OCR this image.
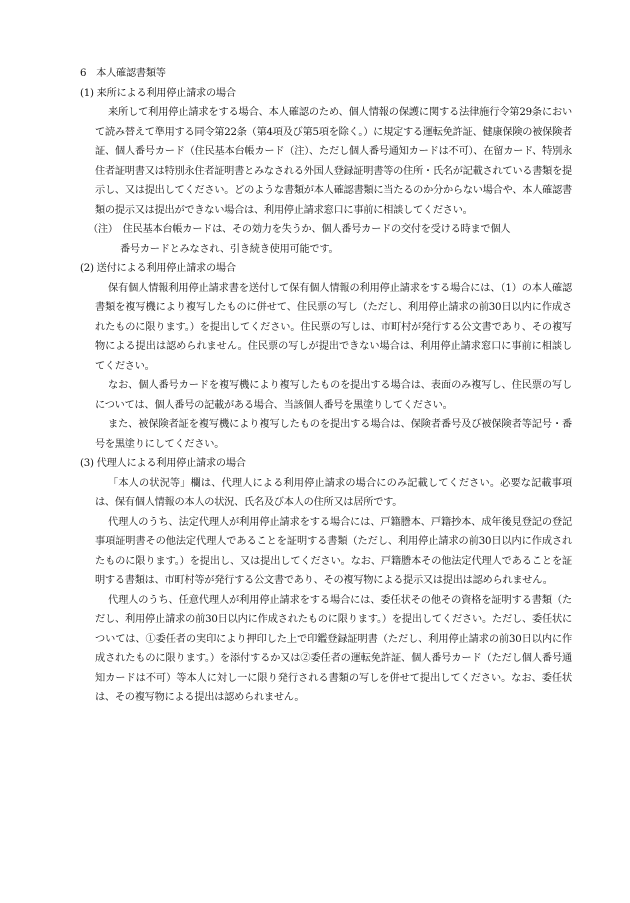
6　本人確認書類等

(1) 来所による利用停止請求の場合

来所して利用停止請求をする場合、本人確認のため、個人情報の保護に関する法律施行令第29条において読み替えて準用する同令第22条（第4項及び第5項を除く。）に規定する運転免許証、健康保険の被保険者証、個人番号カード（住民基本台帳カード（注）、ただし個人番号通知カードは不可）、在留カード、特別永住者証明書又は特別永住者証明書とみなされる外国人登録証明書等の住所・氏名が記載されている書類を提示し、又は提出してください。どのような書類が本人確認書類に当たるのか分からない場合や、本人確認書類の提示又は提出ができない場合は、利用停止請求窓口に事前に相談してください。

（注）　住民基本台帳カードは、その効力を失うか、個人番号カードの交付を受ける時まで個人

番号カードとみなされ、引き続き使用可能です。

(2) 送付による利用停止請求の場合

保有個人情報利用停止請求書を送付して保有個人情報の利用停止請求をする場合には、（1）の本人確認書類を複写機により複写したものに併せて、住民票の写し（ただし、利用停止請求の前30日以内に作成されたものに限ります。）を提出してください。住民票の写しは、市町村が発行する公文書であり、その複写物による提出は認められません。住民票の写しが提出できない場合は、利用停止請求窓口に事前に相談してください。

なお、個人番号カードを複写機により複写したものを提出する場合は、表面のみ複写し、住民票の写しについては、個人番号の記載がある場合、当該個人番号を黒塗りしてください。

また、被保険者証を複写機により複写したものを提出する場合は、保険者番号及び被保険者等記号・番号を黒塗りにしてください。

(3) 代理人による利用停止請求の場合

「本人の状況等」欄は、代理人による利用停止請求の場合にのみ記載してください。必要な記載事項は、保有個人情報の本人の状況、氏名及び本人の住所又は居所です。

代理人のうち、法定代理人が利用停止請求をする場合には、戸籍謄本、戸籍抄本、成年後見登記の登記事項証明書その他法定代理人であることを証明する書類（ただし、利用停止請求の前30日以内に作成されたものに限ります。）を提出し、又は提出してください。なお、戸籍謄本その他法定代理人であることを証明する書類は、市町村等が発行する公文書であり、その複写物による提示又は提出は認められません。

代理人のうち、任意代理人が利用停止請求をする場合には、委任状その他その資格を証明する書類（ただし、利用停止請求の前30日以内に作成されたものに限ります。）を提出してください。ただし、委任状については、①委任者の実印により押印した上で印鑑登録証明書（ただし、利用停止請求の前30日以内に作成されたものに限ります。）を添付するか又は②委任者の運転免許証、個人番号カード（ただし個人番号通知カードは不可）等本人に対し一に限り発行される書類の写しを併せて提出してください。なお、委任状は、その複写物による提出は認められません。
